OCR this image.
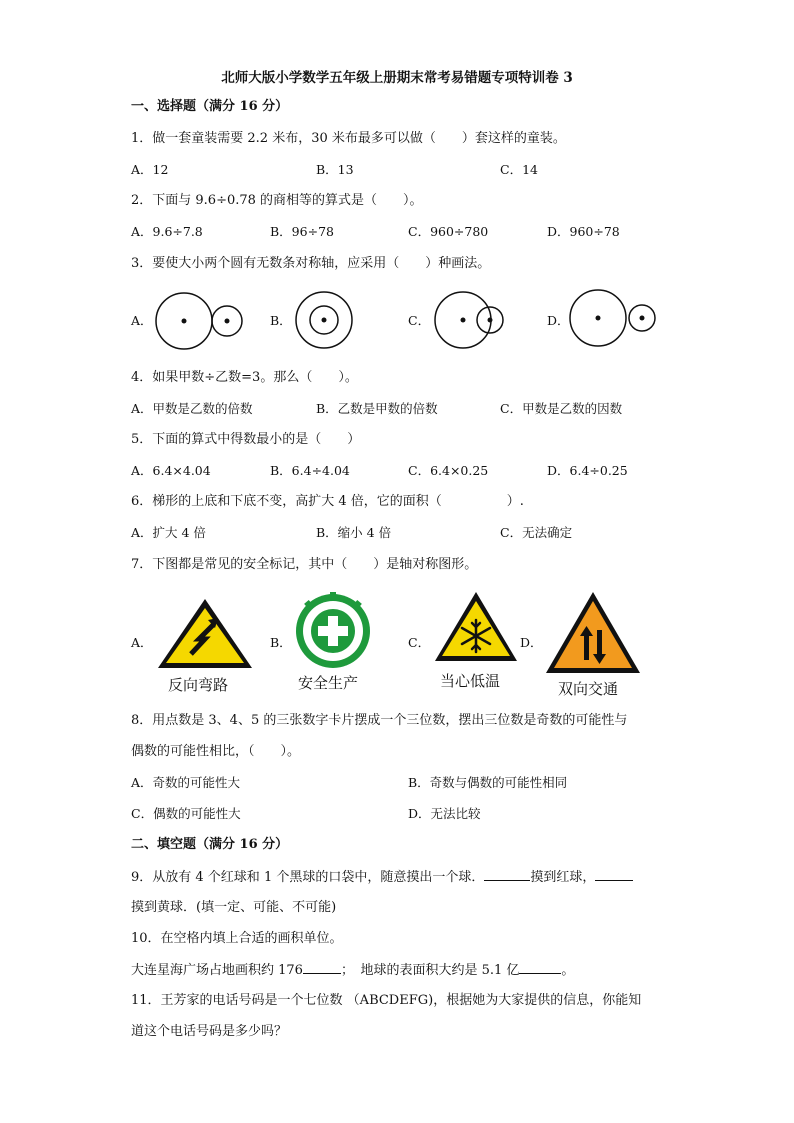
北师大版小学数学五年级上册期末常考易错题专项特训卷 3
一、选择题（满分 16 分）
1．做一套童装需要 2.2 米布，30 米布最多可以做（　　）套这样的童装。
A．12	B．13	C．14
2．下面与 9.6÷0.78 的商相等的算式是（　　）。
A．9.6÷7.8	B．96÷78	C．960÷780	D．960÷78
3．要使大小两个圆有无数条对称轴，应采用（　　）种画法。
A．	B．	C．	D．
4．如果甲数÷乙数=3。那么（　　）。
A．甲数是乙数的倍数	B．乙数是甲数的倍数	C．甲数是乙数的因数
5．下面的算式中得数最小的是（　　）
A．6.4×4.04	B．6.4÷4.04	C．6.4×0.25	D．6.4÷0.25
6．梯形的上底和下底不变，高扩大 4 倍，它的面积（　　　　　）.
A．扩大 4 倍	B．缩小 4 倍	C．无法确定
7．下图都是常见的安全标记，其中（　　）是轴对称图形。
A．
反向弯路
B．
安全生产
C．
当心低温
D．
双向交通
8．用点数是 3、4、5 的三张数字卡片摆成一个三位数，摆出三位数是奇数的可能性与
偶数的可能性相比，（　　）。
A．奇数的可能性大	B．奇数与偶数的可能性相同
C．偶数的可能性大	D．无法比较
二、填空题（满分 16 分）
9．从放有 4 个红球和 1 个黑球的口袋中，随意摸出一个球．	摸到红球，
摸到黄球．(填一定、可能、不可能)
10．在空格内填上合适的画积单位。
大连星海广场占地画积约 176	；　地球的表面积大约是 5.1 亿	。
11．王芳家的电话号码是一个七位数 （ABCDEFG)，根据她为大家提供的信息，你能知
道这个电话号码是多少吗？
